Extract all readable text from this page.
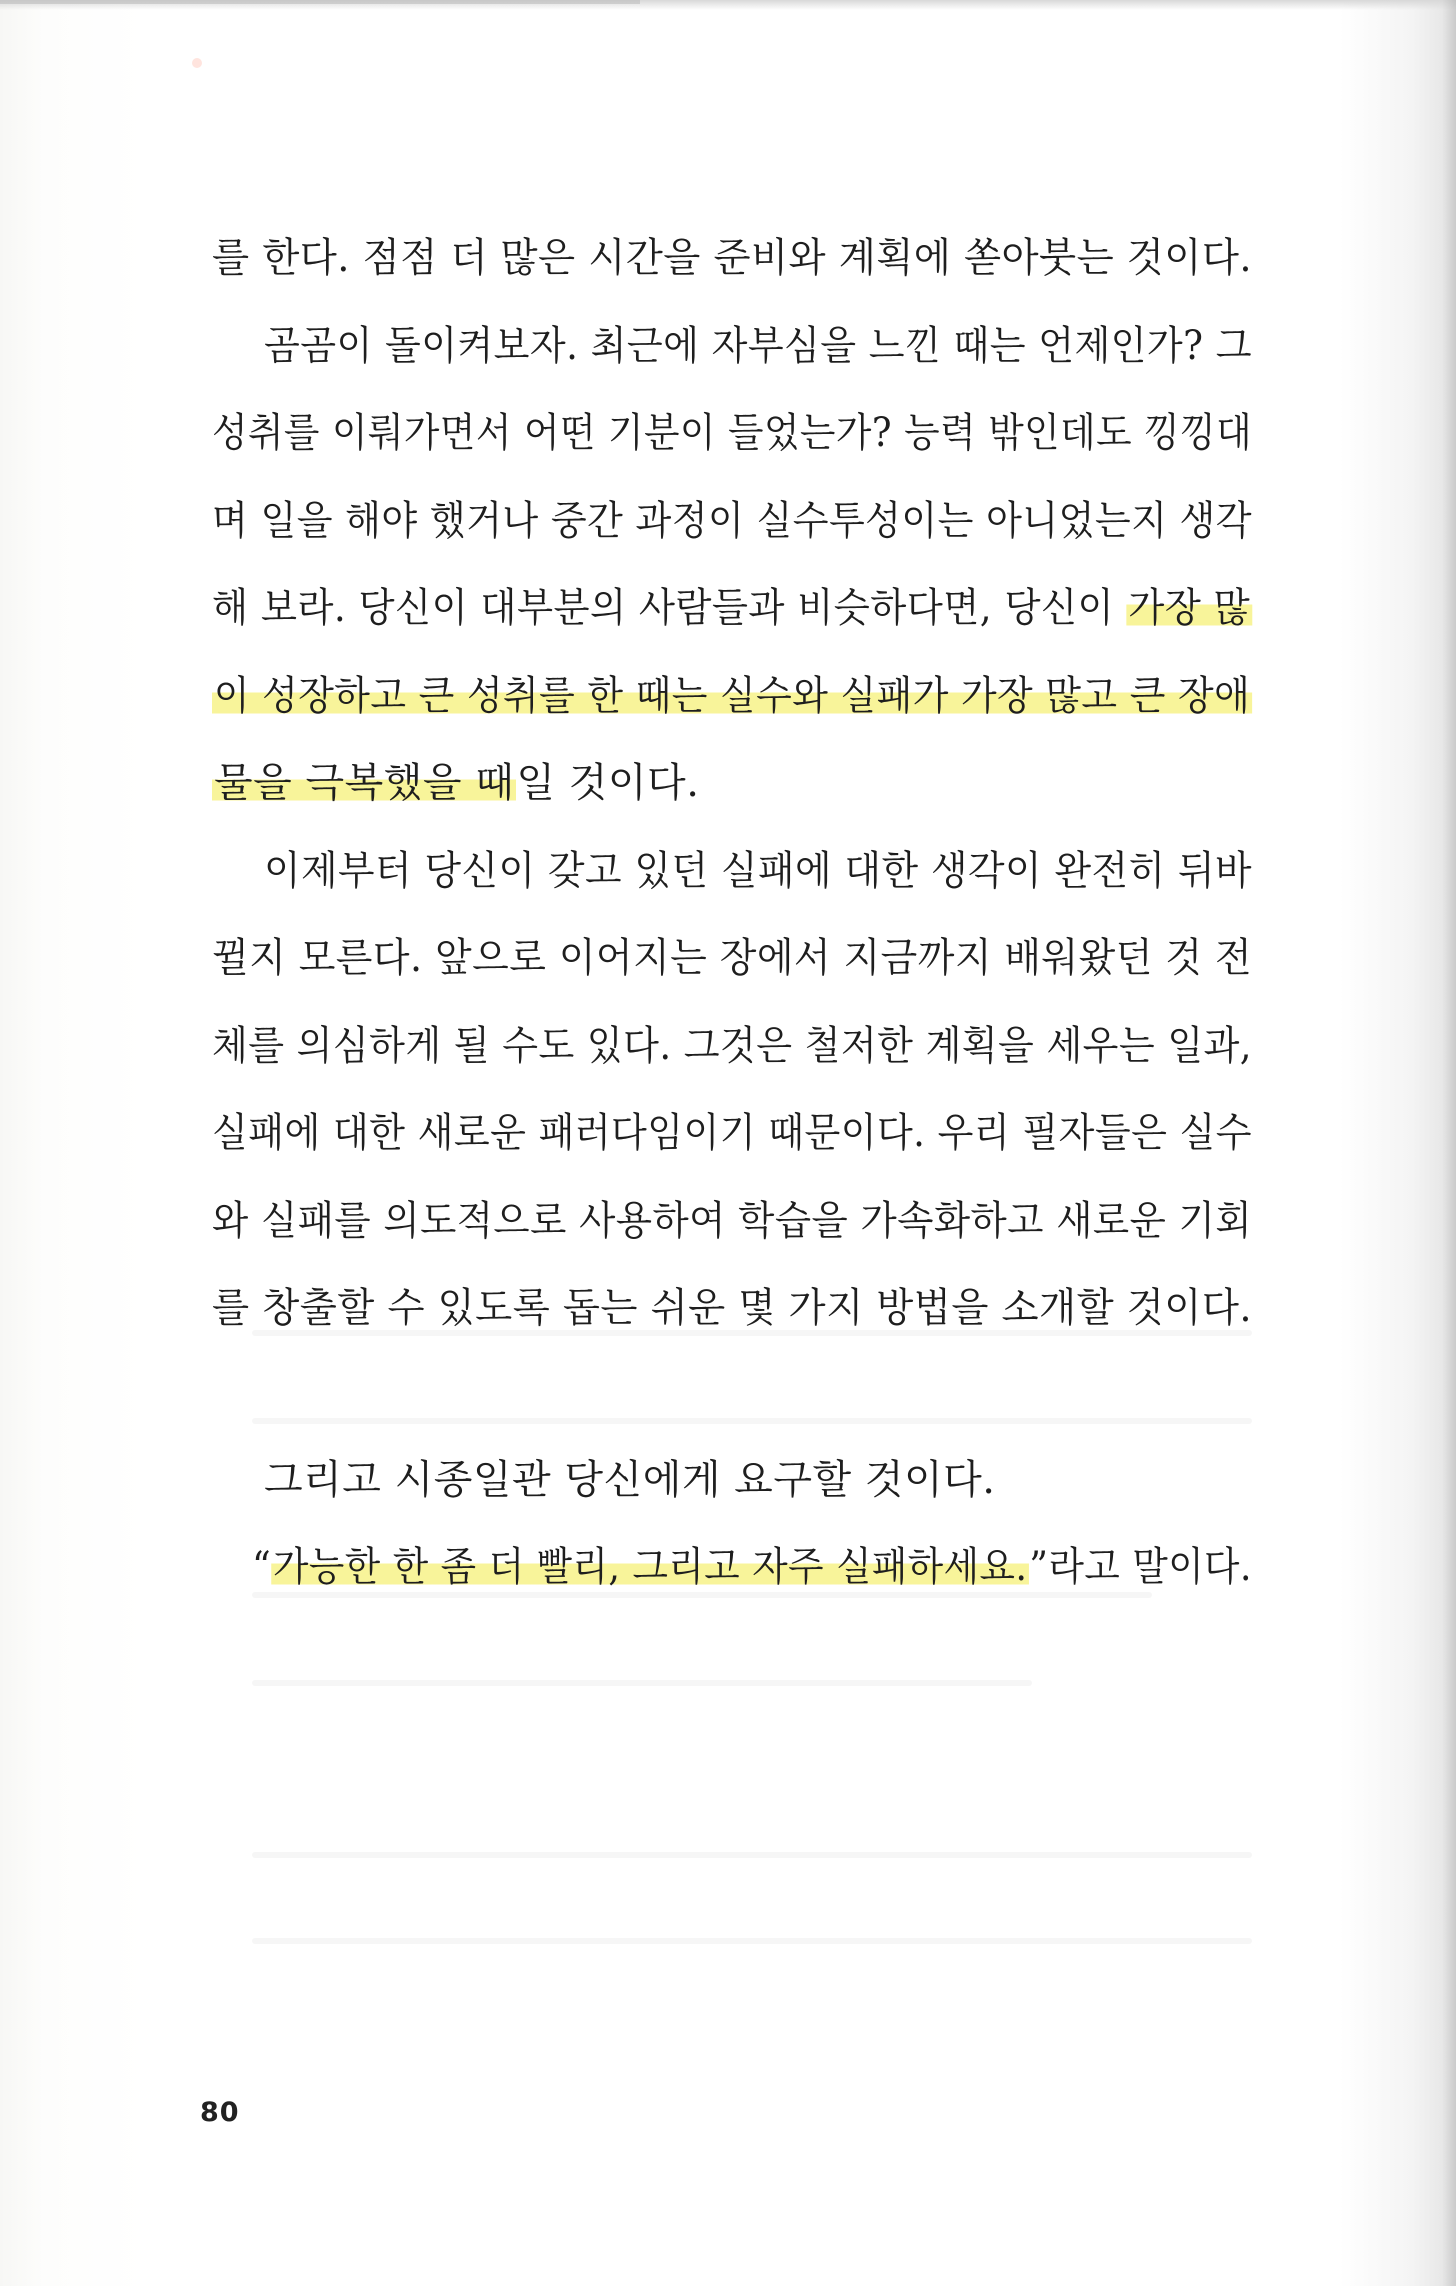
를 한다. 점점 더 많은 시간을 준비와 계획에 쏟아붓는 것이다.
곰곰이 돌이켜보자. 최근에 자부심을 느낀 때는 언제인가? 그
성취를 이뤄가면서 어떤 기분이 들었는가? 능력 밖인데도 낑낑대
며 일을 해야 했거나 중간 과정이 실수투성이는 아니었는지 생각
해 보라. 당신이 대부분의 사람들과 비슷하다면, 당신이 가장 많
이 성장하고 큰 성취를 한 때는 실수와 실패가 가장 많고 큰 장애
물을 극복했을 때일 것이다.
이제부터 당신이 갖고 있던 실패에 대한 생각이 완전히 뒤바
뀔지 모른다. 앞으로 이어지는 장에서 지금까지 배워왔던 것 전
체를 의심하게 될 수도 있다. 그것은 철저한 계획을 세우는 일과,
실패에 대한 새로운 패러다임이기 때문이다. 우리 필자들은 실수
와 실패를 의도적으로 사용하여 학습을 가속화하고 새로운 기회
를 창출할 수 있도록 돕는 쉬운 몇 가지 방법을 소개할 것이다.
그리고 시종일관 당신에게 요구할 것이다.
“가능한 한 좀 더 빨리, 그리고 자주 실패하세요.”라고 말이다.
80
